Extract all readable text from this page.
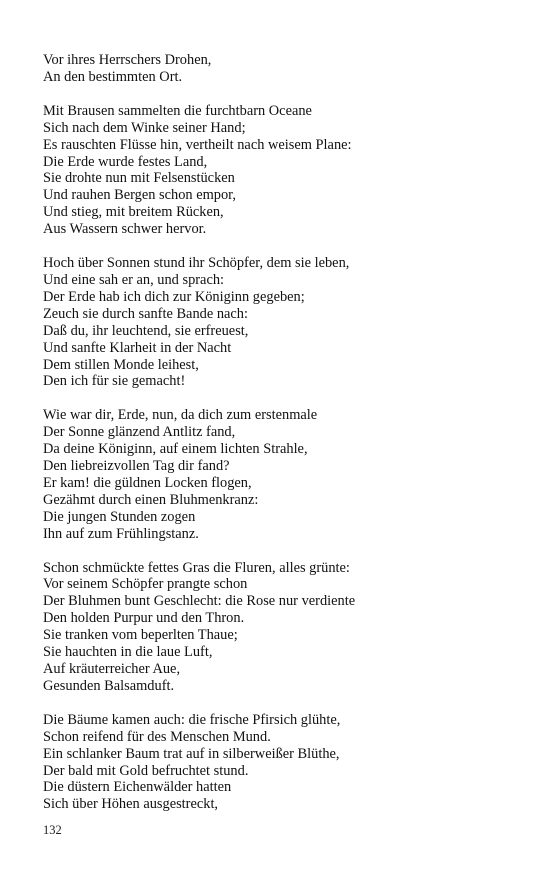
Vor ihres Herrschers Drohen,
An den bestimmten Ort.
Mit Brausen sammelten die furchtbarn Oceane
Sich nach dem Winke seiner Hand;
Es rauschten Flüsse hin, vertheilt nach weisem Plane:
Die Erde wurde festes Land,
Sie drohte nun mit Felsenstücken
Und rauhen Bergen schon empor,
Und stieg, mit breitem Rücken,
Aus Wassern schwer hervor.
Hoch über Sonnen stund ihr Schöpfer, dem sie leben,
Und eine sah er an, und sprach:
Der Erde hab ich dich zur Königinn gegeben;
Zeuch sie durch sanfte Bande nach:
Daß du, ihr leuchtend, sie erfreuest,
Und sanfte Klarheit in der Nacht
Dem stillen Monde leihest,
Den ich für sie gemacht!
Wie war dir, Erde, nun, da dich zum erstenmale
Der Sonne glänzend Antlitz fand,
Da deine Königinn, auf einem lichten Strahle,
Den liebreizvollen Tag dir fand?
Er kam! die güldnen Locken flogen,
Gezähmt durch einen Bluhmenkranz:
Die jungen Stunden zogen
Ihn auf zum Frühlingstanz.
Schon schmückte fettes Gras die Fluren, alles grünte:
Vor seinem Schöpfer prangte schon
Der Bluhmen bunt Geschlecht: die Rose nur verdiente
Den holden Purpur und den Thron.
Sie tranken vom beperlten Thaue;
Sie hauchten in die laue Luft,
Auf kräuterreicher Aue,
Gesunden Balsamduft.
Die Bäume kamen auch: die frische Pfirsich glühte,
Schon reifend für des Menschen Mund.
Ein schlanker Baum trat auf in silberweißer Blüthe,
Der bald mit Gold befruchtet stund.
Die düstern Eichenwälder hatten
Sich über Höhen ausgestreckt,
132
